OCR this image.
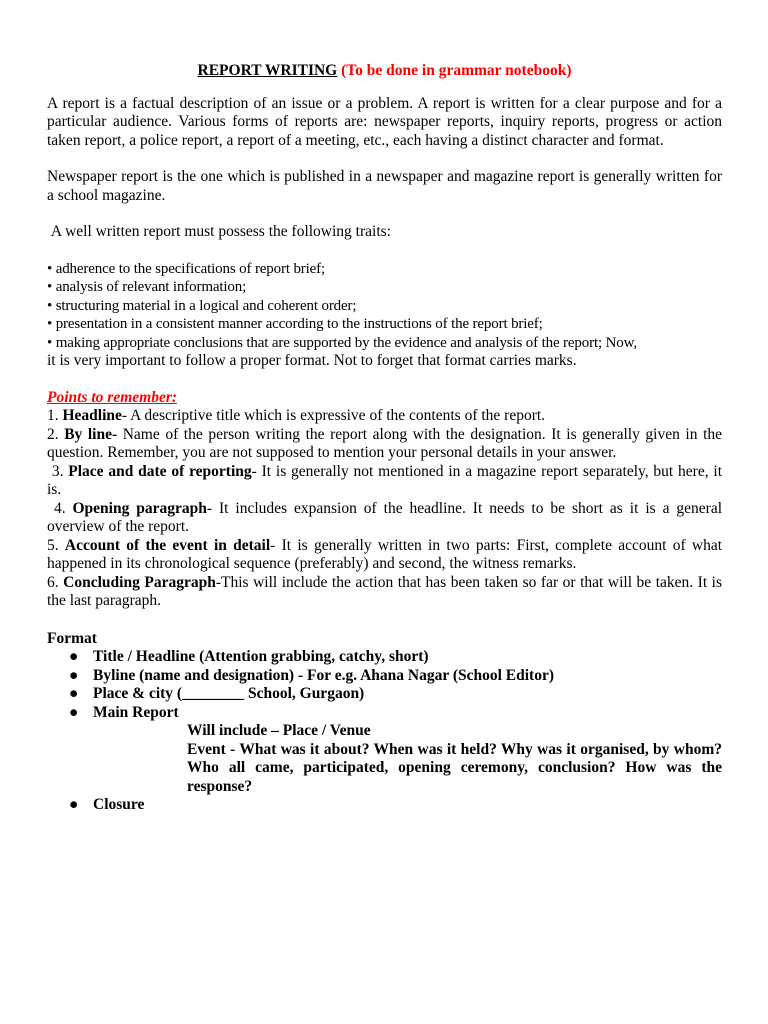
REPORT WRITING (To be done in grammar notebook)

A report is a factual description of an issue or a problem. A report is written for a clear purpose and for a particular audience. Various forms of reports are: newspaper reports, inquiry reports, progress or action taken report, a police report, a report of a meeting, etc., each having a distinct character and format.

Newspaper report is the one which is published in a newspaper and magazine report is generally written for a school magazine.

A well written report must possess the following traits:

• adherence to the specifications of report brief;
• analysis of relevant information;
• structuring material in a logical and coherent order;
• presentation in a consistent manner according to the instructions of the report brief;
• making appropriate conclusions that are supported by the evidence and analysis of the report; Now,
it is very important to follow a proper format. Not to forget that format carries marks.
Points to remember:

1. Headline- A descriptive title which is expressive of the contents of the report.

2. By line- Name of the person writing the report along with the designation. It is generally given in the question. Remember, you are not supposed to mention your personal details in your answer.

3. Place and date of reporting- It is generally not mentioned in a magazine report separately, but here, it is.

4. Opening paragraph- It includes expansion of the headline. It needs to be short as it is a general overview of the report.

5. Account of the event in detail- It is generally written in two parts: First, complete account of what happened in its chronological sequence (preferably) and second, the witness remarks.

6. Concluding Paragraph-This will include the action that has been taken so far or that will be taken. It is the last paragraph.

Format
● Title / Headline (Attention grabbing, catchy, short)
● Byline (name and designation) - For e.g. Ahana Nagar (School Editor)
● Place & city (________ School, Gurgaon)
● Main Report
Will include – Place / Venue
Event - What was it about? When was it held? Why was it organised, by whom? Who all came, participated, opening ceremony, conclusion? How was the response?
● Closure
